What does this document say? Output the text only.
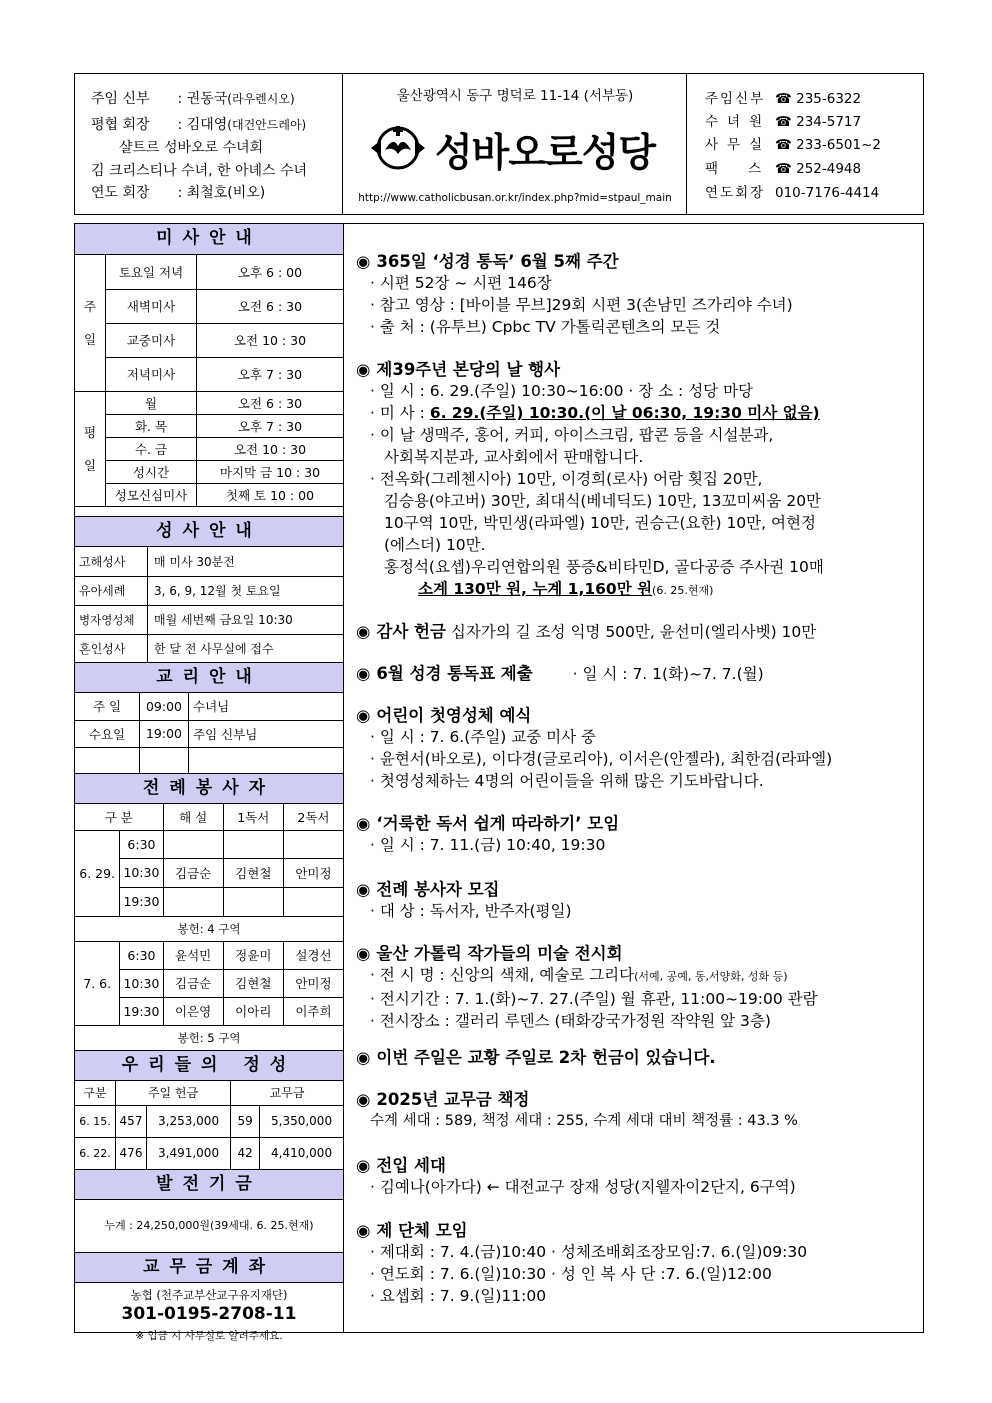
주임 신부 : 권동국(라우렌시오)
평협 회장 : 김대영(대건안드레아)
샬트르 성바오로 수녀회
김 크리스티나 수녀, 한 아녜스 수녀
연도 회장 : 최철호(비오)
울산광역시 동구 명덕로 11-14 (서부동)
성바오로성당
http://www.catholicbusan.or.kr/index.php?mid=stpaul_main
주임신부 ☎ 235-6322
수녀원 ☎ 234-5717
사무실 ☎ 233-6501~2
팩스☎ 252-4948
연도회장 010-7176-4414
미사안내
주

일	토요일 저녁	오후 6 : 00
	새벽미사	오전 6 : 30
	교중미사	오전 10 : 30
	저녁미사	오후 7 : 30
평

일	월	오전 6 : 30
	화. 목	오후 7 : 30
	수. 금	오전 10 : 30
	성시간	마지막 금 10 : 30
	성모신심미사	첫째 토 10 : 00
성사안내
고해성사	매 미사 30분전
유아세례	3, 6, 9, 12월 첫 토요일
병자영성체	매월 세번째 금요일 10:30
혼인성사	한 달 전 사무실에 접수
교리안내
주 일	09:00	수녀님
수요일	19:00	주임 신부님

전례봉사자
구 분		해 설	1독서	2독서
6. 29.	6:30			
	10:30	김금순	김현철	안미정
	19:30			
봉헌: 4 구역				
7. 6.	6:30	윤석민	정윤미	설경선
	10:30	김금순	김현철	안미정
	19:30	이은영	이아리	이주희
봉헌: 5 구역				
우리들의 정성
구분	주일 헌금		교무금	
6. 15.	457	3,253,000	59	5,350,000
6. 22.	476	3,491,000	42	4,410,000
발전기금
누계 : 24,250,000원(39세대. 6. 25.현재)
교무금계좌
농협 (천주교부산교구유지재단)
301-0195-2708-11
※ 입금 시 사무실로 알려주세요.
◉ 365일 ‘성경 통독’ 6월 5째 주간
· 시편 52장 ~ 시편 146장
· 참고 영상 : [바이블 무브]29회 시편 3(손남민 즈가리야 수녀)
· 출 처 : (유투브) Cpbc TV 가톨릭콘텐츠의 모든 것
◉ 제39주년 본당의 날 행사
· 일 시 : 6. 29.(주일) 10:30~16:00 · 장 소 : 성당 마당
· 미 사 : 6. 29.(주일) 10:30.(이 날 06:30, 19:30 미사 없음)
· 이 날 생맥주, 홍어, 커피, 아이스크림, 팝콘 등을 시설분과,
사회복지분과, 교사회에서 판매합니다.
· 전옥화(그레첸시아) 10만, 이경희(로사) 어람 횟집 20만,
김승용(야고버) 30만, 최대식(베네딕도) 10만, 13꼬미씨움 20만
10구역 10만, 박민생(라파엘) 10만, 권승근(요한) 10만, 여현정
(에스더) 10만.
홍정석(요셉)우리연합의원 풍증&비타민D, 골다공증 주사권 10매
소계 130만 원, 누계 1,160만 원(6. 25.현재)
◉ 감사 헌금 십자가의 길 조성 익명 500만, 윤선미(엘리사벳) 10만
◉ 6월 성경 통독표 제출	· 일 시 : 7. 1(화)~7. 7.(월)
◉ 어린이 첫영성체 예식
· 일 시 : 7. 6.(주일) 교중 미사 중
· 윤현서(바오로), 이다경(글로리아), 이서은(안젤라), 최한검(라파엘)
· 첫영성체하는 4명의 어린이들을 위해 많은 기도바랍니다.
◉ ‘거룩한 독서 쉽게 따라하기’ 모임
· 일 시 : 7. 11.(금) 10:40, 19:30
◉ 전례 봉사자 모집
· 대 상 : 독서자, 반주자(평일)
◉ 울산 가톨릭 작가들의 미술 전시회
· 전 시 명 : 신앙의 색채, 예술로 그리다(서예, 공예, 동,서양화, 성화 등)
· 전시기간 : 7. 1.(화)~7. 27.(주일) 월 휴관, 11:00~19:00 관람
· 전시장소 : 갤러리 루덴스 (태화강국가정원 작약원 앞 3층)
◉ 이번 주일은 교황 주일로 2차 헌금이 있습니다.
◉ 2025년 교무금 책정
수계 세대 : 589, 책정 세대 : 255, 수계 세대 대비 책정률 : 43.3 %
◉ 전입 세대
· 김예나(아가다) ← 대전교구 장재 성당(지웰자이2단지, 6구역)
◉ 제 단체 모임
· 제대회 : 7. 4.(금)10:40 · 성체조배회조장모임:7. 6.(일)09:30
· 연도회 : 7. 6.(일)10:30 · 성 인 복 사 단 :7. 6.(일)12:00
· 요셉회 : 7. 9.(일)11:00
